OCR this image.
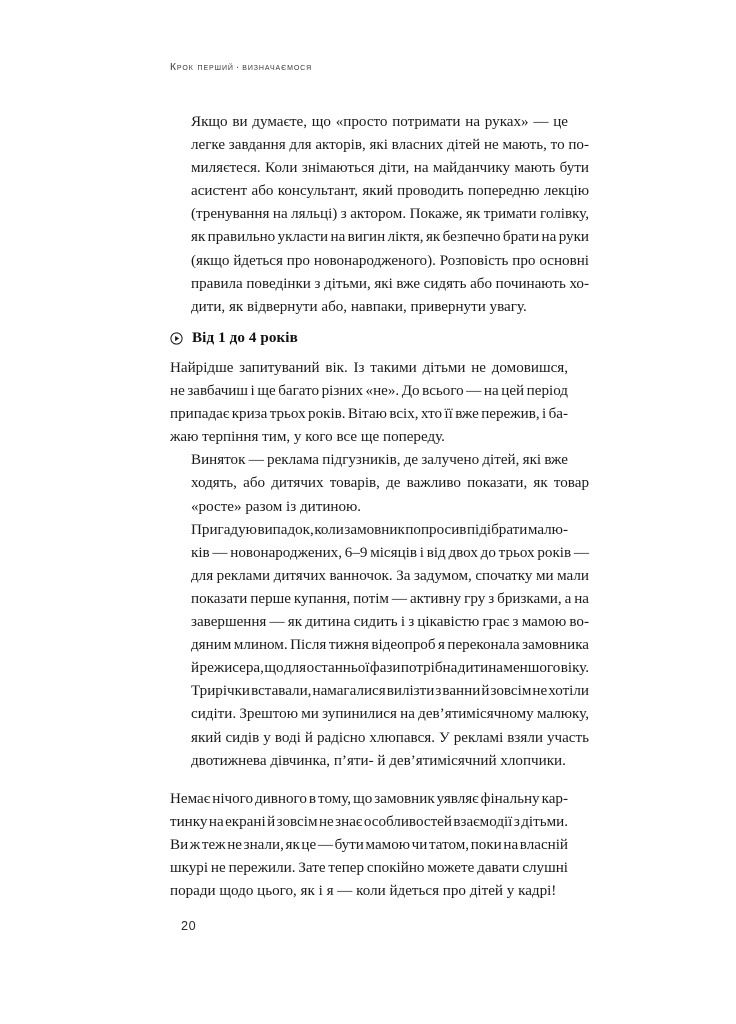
Крок перший · визначаємося

Якщо ви думаєте, що «просто потримати на руках» — це
легке завдання для акторів, які власних дітей не мають, то по-
миляєтеся. Коли знімаються діти, на майданчику мають бути
асистент або консультант, який проводить попередню лекцію
(тренування на ляльці) з актором. Покаже, як тримати голівку,
як правильно укласти на вигин ліктя, як безпечно брати на руки
(якщо йдеться про новонародженого). Розповість про основні
правила поведінки з дітьми, які вже сидять або починають хо-
дити, як відвернути або, навпаки, привернути увагу.

Від 1 до 4 років

Найрідше запитуваний вік. Із такими дітьми не домовишся,
не завбачиш і ще багато різних «не». До всього — на цей період
припадає криза трьох років. Вітаю всіх, хто її вже пережив, і ба-
жаю терпіння тим, у кого все ще попереду.

Виняток — реклама підгузників, де залучено дітей, які вже
ходять, або дитячих товарів, де важливо показати, як товар
«росте» разом із дитиною.

Пригадую випадок, коли замовник попросив підібрати малю-
ків — новонароджених, 6–9 місяців і від двох до трьох років —
для реклами дитячих ванночок. За задумом, спочатку ми мали
показати перше купання, потім — активну гру з бризками, а на
завершення — як дитина сидить і з цікавістю грає з мамою во-
дяним млином. Після тижня відеопроб я переконала замовника
й режисера, що для останньої фази потрібна дитина меншого віку.
Трирічки вставали, намагалися вилізти з ванни й зовсім не хотіли
сидіти. Зрештою ми зупинилися на дев’ятимісячному малюку,
який сидів у воді й радісно хлюпався. У рекламі взяли участь
двотижнева дівчинка, п’яти- й дев’ятимісячний хлопчики.

Немає нічого дивного в тому, що замовник уявляє фінальну кар-
тинку на екрані й зовсім не знає особливостей взаємодії з дітьми.
Ви ж теж не знали, як це — бути мамою чи татом, поки на власній
шкурі не пережили. Зате тепер спокійно можете давати слушні
поради щодо цього, як і я — коли йдеться про дітей у кадрі!

20
